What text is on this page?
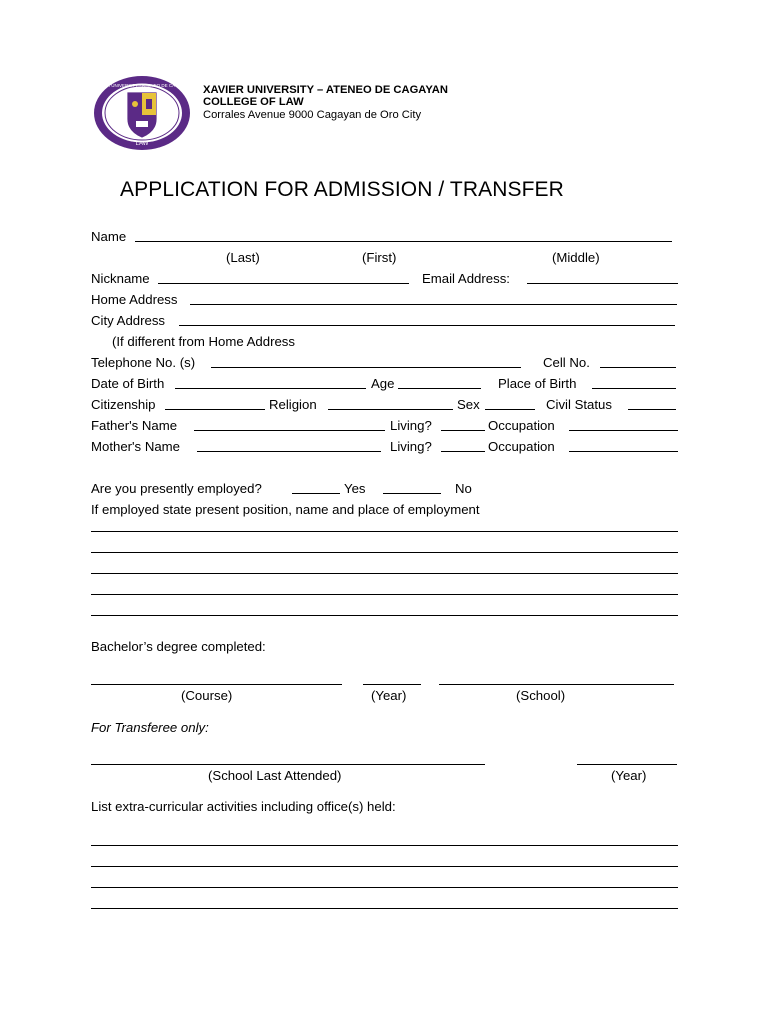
LAW
XAVIER UNIVERSITY · ATENEO DE CAGAYAN XAVIER UNIVERSITY – ATENEO DE CAGAYAN
COLLEGE OF LAW
Corrales Avenue 9000 Cagayan de Oro City
APPLICATION FOR ADMISSION / TRANSFER
Name
(Last)	(First)	(Middle)
Nickname	Email Address:
Home Address
City Address
(If different from Home Address
Telephone No. (s)	Cell No.
Date of Birth	Age	Place of Birth
Citizenship	Religion	Sex	Civil Status
Father's Name	Living?	Occupation
Mother's Name	Living?	Occupation
Are you presently employed?	Yes	No
If employed state present position, name and place of employment
Bachelor’s degree completed:
(Course)	(Year)	(School)
For Transferee only:
(School Last Attended)	(Year)
List extra-curricular activities including office(s) held:
